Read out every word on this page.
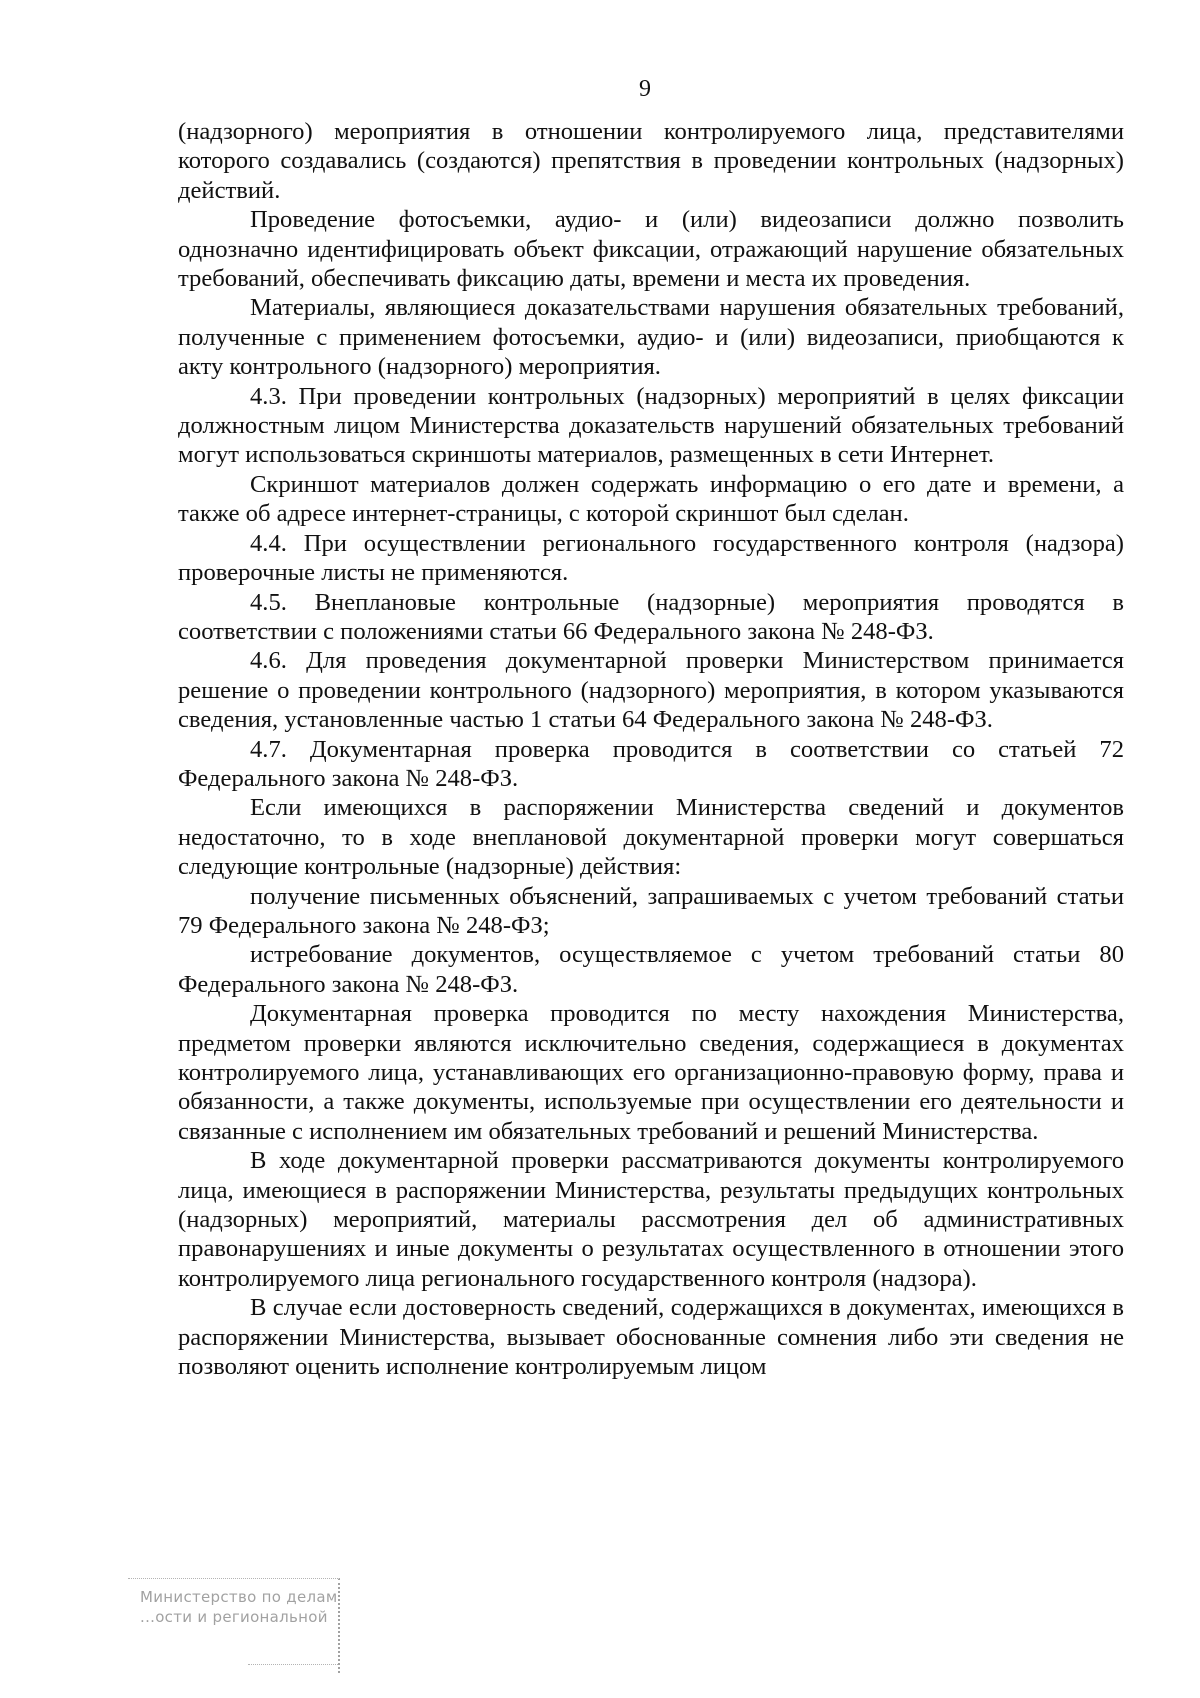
9

(надзорного) мероприятия в отношении контролируемого лица, представителями которого создавались (создаются) препятствия в проведении контрольных (надзорных) действий.

Проведение фотосъемки, аудио- и (или) видеозаписи должно позволить однозначно идентифицировать объект фиксации, отражающий нарушение обязательных требований, обеспечивать фиксацию даты, времени и места их проведения.

Материалы, являющиеся доказательствами нарушения обязательных требований, полученные с применением фотосъемки, аудио- и (или) видеозаписи, приобщаются к акту контрольного (надзорного) мероприятия.

4.3. При проведении контрольных (надзорных) мероприятий в целях фиксации должностным лицом Министерства доказательств нарушений обязательных требований могут использоваться скриншоты материалов, размещенных в сети Интернет.

Скриншот материалов должен содержать информацию о его дате и времени, а также об адресе интернет-страницы, с которой скриншот был сделан.

4.4. При осуществлении регионального государственного контроля (надзора) проверочные листы не применяются.

4.5. Внеплановые контрольные (надзорные) мероприятия проводятся в соответствии с положениями статьи 66 Федерального закона № 248-ФЗ.

4.6. Для проведения документарной проверки Министерством принимается решение о проведении контрольного (надзорного) мероприятия, в котором указываются сведения, установленные частью 1 статьи 64 Федерального закона № 248-ФЗ.

4.7. Документарная проверка проводится в соответствии со статьей 72 Федерального закона № 248-ФЗ.

Если имеющихся в распоряжении Министерства сведений и документов недостаточно, то в ходе внеплановой документарной проверки могут совершаться следующие контрольные (надзорные) действия:

получение письменных объяснений, запрашиваемых с учетом требований статьи 79 Федерального закона № 248-ФЗ;

истребование документов, осуществляемое с учетом требований статьи 80 Федерального закона № 248-ФЗ.

Документарная проверка проводится по месту нахождения Министерства, предметом проверки являются исключительно сведения, содержащиеся в документах контролируемого лица, устанавливающих его организационно-правовую форму, права и обязанности, а также документы, используемые при осуществлении его деятельности и связанные с исполнением им обязательных требований и решений Министерства.

В ходе документарной проверки рассматриваются документы контролируемого лица, имеющиеся в распоряжении Министерства, результаты предыдущих контрольных (надзорных) мероприятий, материалы рассмотрения дел об административных правонарушениях и иные документы о результатах осуществленного в отношении этого контролируемого лица регионального государственного контроля (надзора).

В случае если достоверность сведений, содержащихся в документах, имеющихся в распоряжении Министерства, вызывает обоснованные сомнения либо эти сведения не позволяют оценить исполнение контролируемым лицом

Министерство по делам
...ости и региональной
